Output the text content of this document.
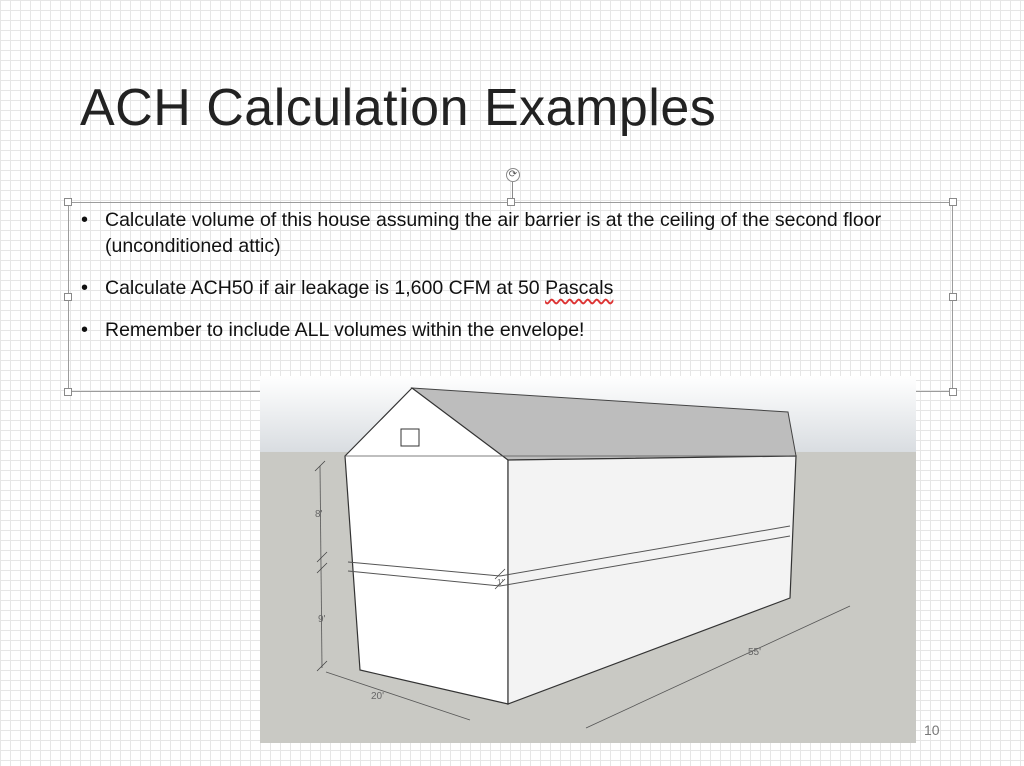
ACH Calculation Examples
⟳
• Calculate volume of this house assuming the air barrier is at the ceiling of the second floor (unconditioned attic)
• Calculate ACH50 if air leakage is 1,600 CFM at 50 Pascals
• Remember to include ALL volumes within the envelope!
8'
9'
1'
20'
55'
10
